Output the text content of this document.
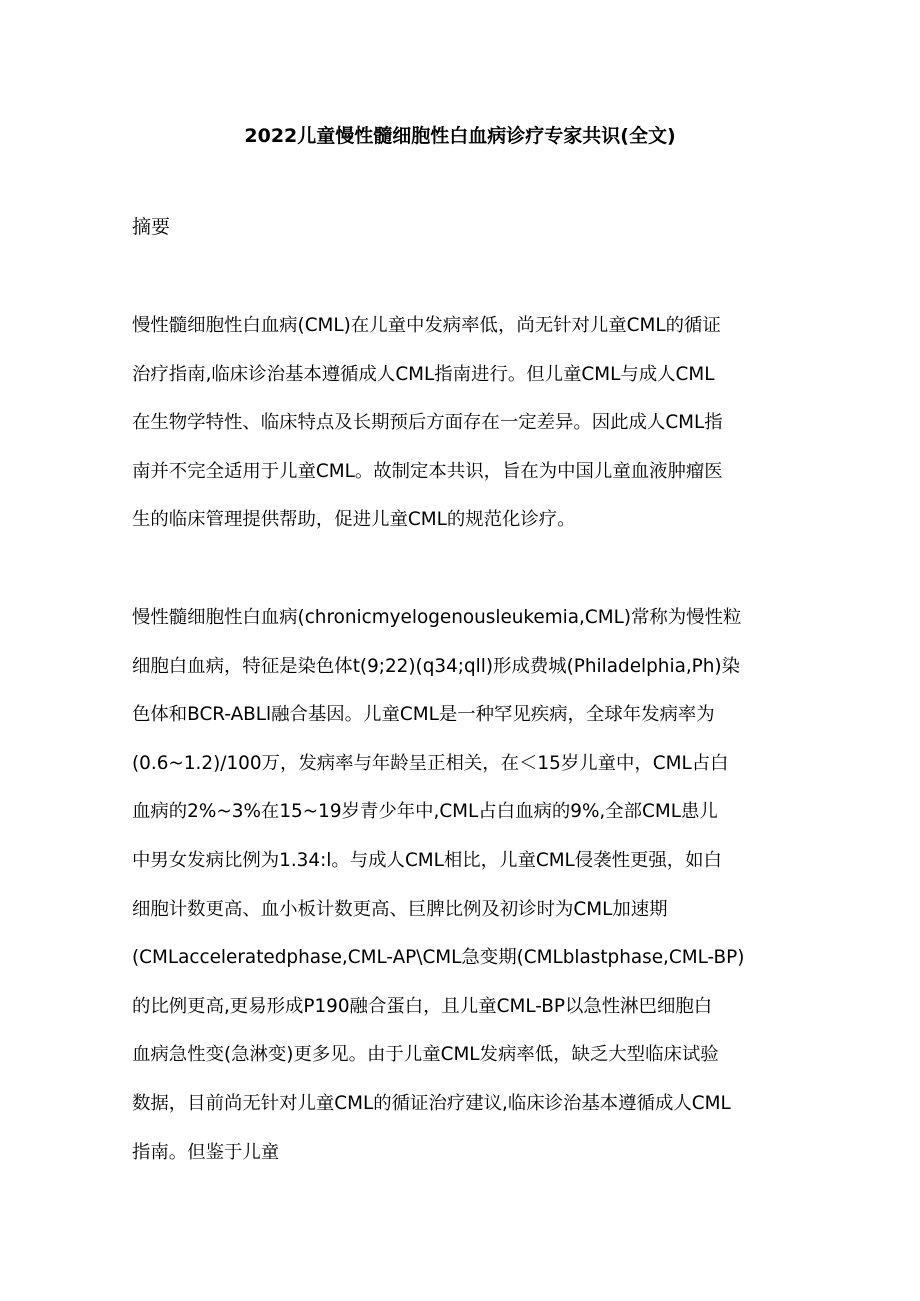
2022儿童慢性髓细胞性白血病诊疗专家共识(全文)
摘要
慢性髓细胞性白血病(CML)在儿童中发病率低，尚无针对儿童CML的循证
治疗指南,临床诊治基本遵循成人CML指南进行。但儿童CML与成人CML
在生物学特性、临床特点及长期预后方面存在一定差异。因此成人CML指
南并不完全适用于儿童CML。故制定本共识，旨在为中国儿童血液肿瘤医
生的临床管理提供帮助，促进儿童CML的规范化诊疗。
慢性髓细胞性白血病(chronicmyelogenousleukemia,CML)常称为慢性粒
细胞白血病，特征是染色体t(9;22)(q34;qll)形成费城(Philadelphia,Ph)染
色体和BCR-ABLl融合基因。儿童CML是一种罕见疾病，全球年发病率为
(0.6~1.2)/100万，发病率与年龄呈正相关，在＜15岁儿童中，CML占白
血病的2%~3%在15~19岁青少年中,CML占白血病的9%,全部CML患儿
中男女发病比例为1.34:l。与成人CML相比，儿童CML侵袭性更强，如白
细胞计数更高、血小板计数更高、巨脾比例及初诊时为CML加速期
(CMLacceleratedphase,CML-AP\CML急变期(CMLblastphase,CML-BP)
的比例更高,更易形成P190融合蛋白，且儿童CML-BP以急性淋巴细胞白
血病急性变(急淋变)更多见。由于儿童CML发病率低，缺乏大型临床试验
数据，目前尚无针对儿童CML的循证治疗建议,临床诊治基本遵循成人CML
指南。但鉴于儿童
